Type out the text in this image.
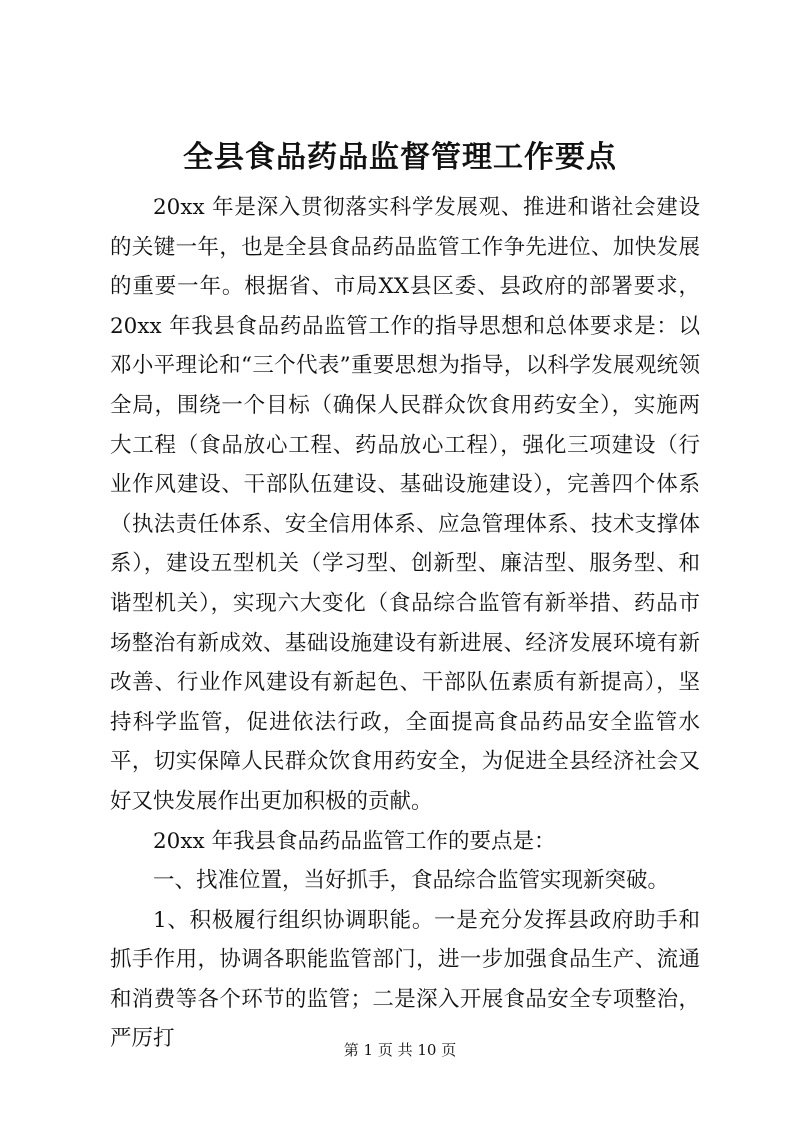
全县食品药品监督管理工作要点

20xx 年是深入贯彻落实科学发展观、推进和谐社会建设的关键一年，也是全县食品药品监管工作争先进位、加快发展的重要一年。根据省、市局XX县区委、县政府的部署要求，20xx 年我县食品药品监管工作的指导思想和总体要求是：以邓小平理论和“三个代表”重要思想为指导，以科学发展观统领全局，围绕一个目标（确保人民群众饮食用药安全），实施两大工程（食品放心工程、药品放心工程），强化三项建设（行业作风建设、干部队伍建设、基础设施建设），完善四个体系（执法责任体系、安全信用体系、应急管理体系、技术支撑体系），建设五型机关（学习型、创新型、廉洁型、服务型、和谐型机关），实现六大变化（食品综合监管有新举措、药品市场整治有新成效、基础设施建设有新进展、经济发展环境有新改善、行业作风建设有新起色、干部队伍素质有新提高），坚持科学监管，促进依法行政，全面提高食品药品安全监管水平，切实保障人民群众饮食用药安全，为促进全县经济社会又好又快发展作出更加积极的贡献。

20xx 年我县食品药品监管工作的要点是：

一、找准位置，当好抓手，食品综合监管实现新突破。

1、积极履行组织协调职能。一是充分发挥县政府助手和抓手作用，协调各职能监管部门，进一步加强食品生产、流通和消费等各个环节的监管；二是深入开展食品安全专项整治，严厉打	第 1 页 共 10 页
